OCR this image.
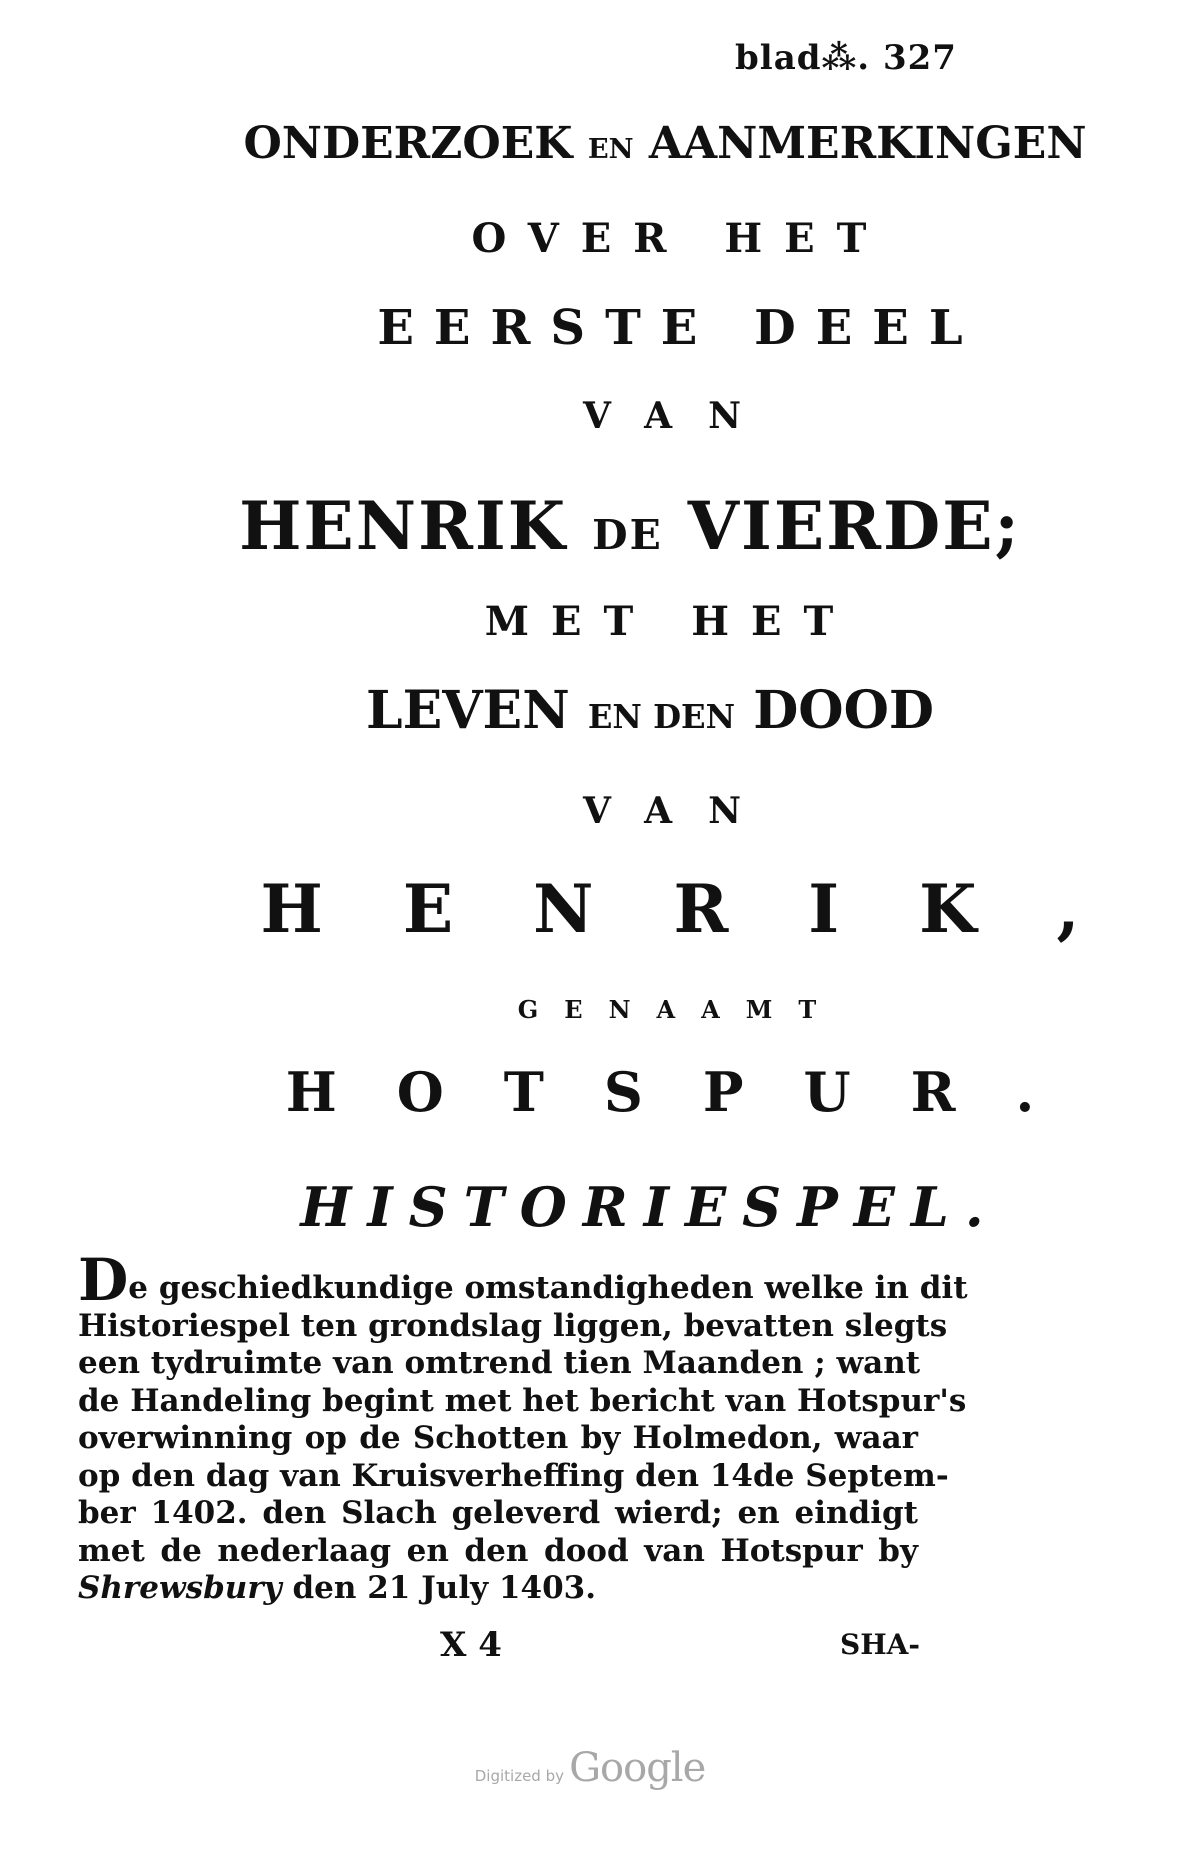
blad⁂. 327
ONDERZOEK EN AANMERKINGEN
OVER HET
EERSTE DEEL
VAN
HENRIK DE VIERDE;
MET HET
LEVEN EN DEN DOOD
VAN
HENRIK,
GENAAMT
HOTSPUR.
HISTORIESPEL.
De geschiedkundige omstandigheden welke in dit
Historiespel ten grondslag liggen, bevatten slegts
een tydruimte van omtrend tien Maanden ; want
de Handeling begint met het bericht van Hotspur's
overwinning op de Schotten by Holmedon, waar
op den dag van Kruisverheffing den 14de Septem-
ber 1402. den Slach geleverd wierd; en eindigt
met de nederlaag en den dood van Hotspur by
Shrewsbury den 21 July 1403.
X 4	SHA-
Digitized by Google
